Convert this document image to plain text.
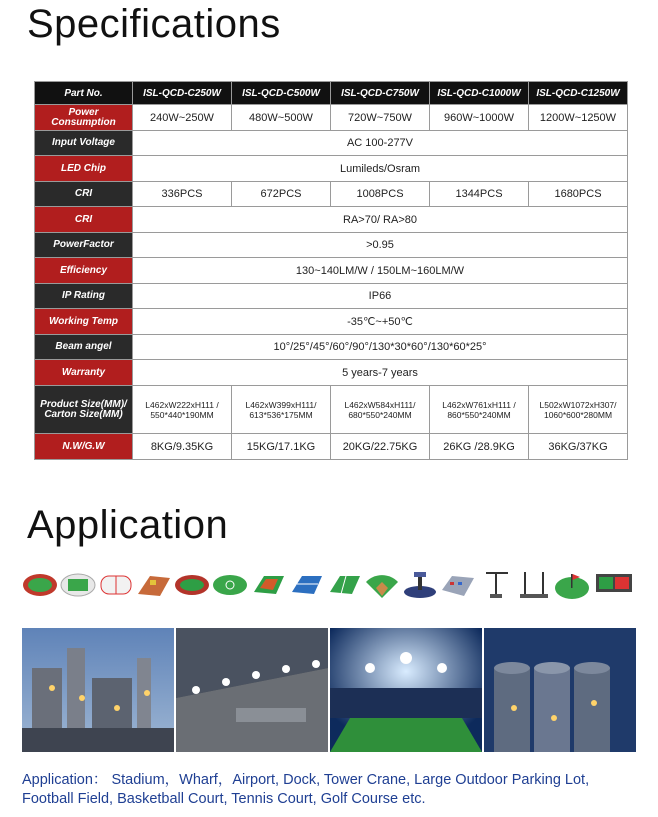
Specifications
Part No.	ISL-QCD-C250W	ISL-QCD-C500W	ISL-QCD-C750W	ISL-QCD-C1000W	ISL-QCD-C1250W
Power Consumption	240W~250W	480W~500W	720W~750W	960W~1000W	1200W~1250W
Input Voltage	AC 100-277V				
LED Chip	Lumileds/Osram				
CRI	336PCS	672PCS	1008PCS	1344PCS	1680PCS
CRI	RA>70/ RA>80				
PowerFactor	>0.95				
Efficiency	130~140LM/W / 150LM~160LM/W				
IP Rating	IP66				
Working Temp	-35℃~+50℃				
Beam angel	10°/25°/45°/60°/90°/130*30*60°/130*60*25°				
Warranty	5 years-7 years				
Product Size(MM)/ Carton Size(MM)	L462xW222xH111 / 550*440*190MM	L462xW399xH111/ 613*536*175MM	L462xW584xH111/ 680*550*240MM	L462xW761xH111 / 860*550*240MM	L502xW1072xH307/ 1060*600*280MM
N.W/G.W	8KG/9.35KG	15KG/17.1KG	20KG/22.75KG	26KG /28.9KG	36KG/37KG
Application
Application： Stadium，Wharf，Airport, Dock, Tower Crane, Large Outdoor Parking Lot, Football Field, Basketball Court, Tennis Court, Golf Course etc.
